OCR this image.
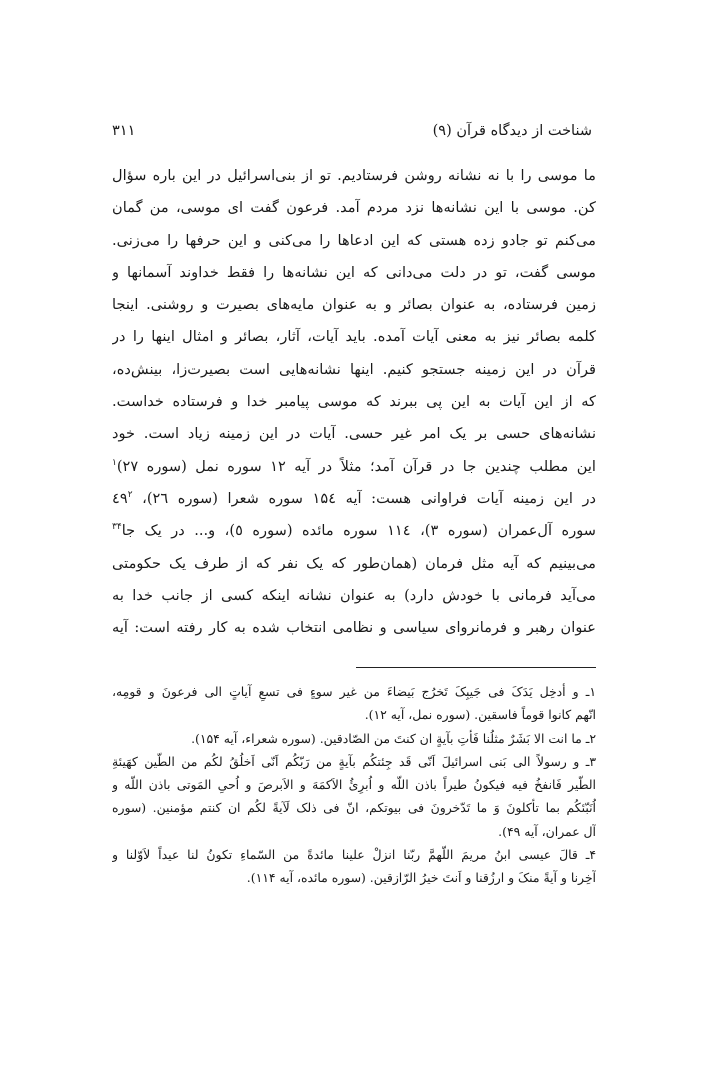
شناخت از دیدگاه قرآن (۹)
۳۱۱
ما موسی را با نه نشانه روشن فرستادیم. تو از بنی‌اسرائیل در این باره سؤال
کن. موسی با این نشانه‌ها نزد مردم آمد. فرعون گفت ای موسی، من گمان
می‌کنم تو جادو زده هستی که این ادعاها را می‌کنی و این حرفها را می‌زنی.
موسی گفت، تو در دلت می‌دانی که این نشانه‌ها را فقط خداوند آسمانها و
زمین فرستاده، به عنوان بصائر و به عنوان مایه‌های بصیرت و روشنی. اینجا
کلمه بصائر نیز به معنی آیات آمده. باید آیات، آثار، بصائر و امثال اینها را در
قرآن در این زمینه جستجو کنیم. اینها نشانه‌هایی است بصیرت‌زا، بینش‌ده،
که از این آیات به این پی ببرند که موسی پیامبر خدا و فرستاده خداست.
نشانه‌های حسی بر یک امر غیر حسی. آیات در این زمینه زیاد است. خود
این مطلب چندین جا در قرآن آمد؛ مثلاً در آیه ۱۲ سوره نمل (سوره ۲۷)$^۱$
در این زمینه آیات فراوانی هست: آیه ۱۵٤ سوره شعرا (سوره ۲٦)، ٤٩$^۲$
سوره آل‌عمران (سوره ۳)، ۱۱٤ سوره مائده (سوره ٥)، و... در یک جا$^{۳۴}$
می‌بینیم که آیه مثل فرمان (همان‌طور که یک نفر که از طرف یک حکومتی
می‌آید فرمانی با خودش دارد) به عنوان نشانه اینکه کسی از جانب خدا به
عنوان رهبر و فرمانروای سیاسی و نظامی انتخاب شده به کار رفته است: آیه
۱ـ و أدخِل یَدَکَ فی جَیبِکَ تَخرُج بَیضاءَ من غیر سوءٍ فی تسعِ آیاتٍ الی فرعونَ و قومِه،
انّهم کانوا قوماً فاسقین. (سوره نمل، آیه ۱۲).
۲ـ ما انت الا بَشَرٌ مثلُنا فَأتِ بآیةٍ ان کنتَ من الصّادقین. (سوره شعراء، آیه ۱۵۴).
۳ـ و رسولاً الی بَنی اسرائیلَ اَنّی قَد جِئتکُم بآیةٍ من رَبّکُم اَنّی اَخلُقُ لکُم من الطّین کهَیئةِ
الطّیر فَانفخُ فیه فیکونُ طیراً باذن اللّه و اُبرِئُ الاَکمَهَ و الاَبرصَ و اُحیِ المَوتی باذن اللّه و
اُنَبّئکُم بما تأکلونَ وَ ما تَدّخرونَ فی بیوتکم، انّ فی ذلک لَآیةً لکُم ان کنتم مؤمنین. (سوره
آل عمران، آیه ۴۹).
۴ـ قالَ عیسی ابنُ مریمَ اللّهمَّ ربّنا انزلْ علینا مائدةً من السّماءِ تکونُ لنا عیداً لاَوّلنا و
آخِرنا و آیةً منکَ و ارزُقنا و اَنتَ خیرُ الرّازقین. (سوره مائده، آیه ۱۱۴).
